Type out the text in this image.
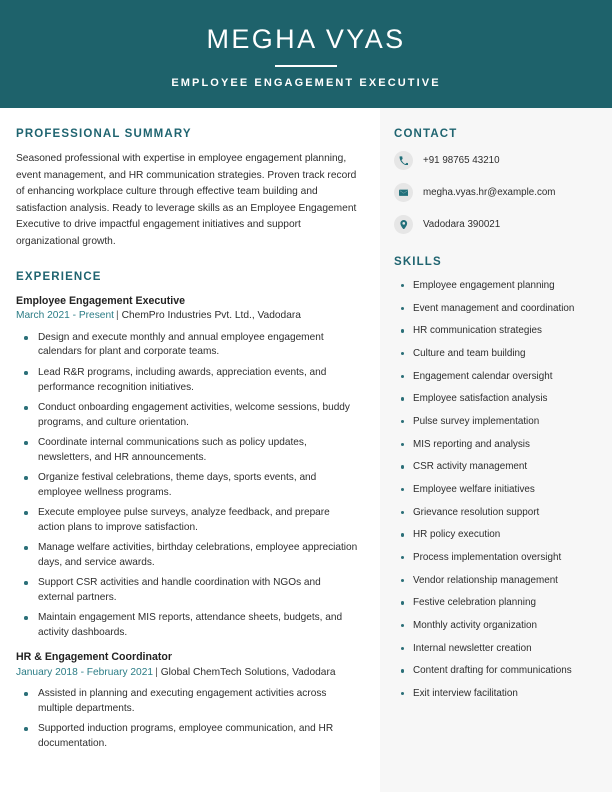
MEGHA VYAS
EMPLOYEE ENGAGEMENT EXECUTIVE
PROFESSIONAL SUMMARY
Seasoned professional with expertise in employee engagement planning, event management, and HR communication strategies. Proven track record of enhancing workplace culture through effective team building and satisfaction analysis. Ready to leverage skills as an Employee Engagement Executive to drive impactful engagement initiatives and support organizational growth.
EXPERIENCE
Employee Engagement Executive
March 2021 - Present | ChemPro Industries Pvt. Ltd., Vadodara
Design and execute monthly and annual employee engagement calendars for plant and corporate teams.
Lead R&R programs, including awards, appreciation events, and performance recognition initiatives.
Conduct onboarding engagement activities, welcome sessions, buddy programs, and culture orientation.
Coordinate internal communications such as policy updates, newsletters, and HR announcements.
Organize festival celebrations, theme days, sports events, and employee wellness programs.
Execute employee pulse surveys, analyze feedback, and prepare action plans to improve satisfaction.
Manage welfare activities, birthday celebrations, employee appreciation days, and service awards.
Support CSR activities and handle coordination with NGOs and external partners.
Maintain engagement MIS reports, attendance sheets, budgets, and activity dashboards.
HR & Engagement Coordinator
January 2018 - February 2021 | Global ChemTech Solutions, Vadodara
Assisted in planning and executing engagement activities across multiple departments.
Supported induction programs, employee communication, and HR documentation.
CONTACT
+91 98765 43210
megha.vyas.hr@example.com
Vadodara 390021
SKILLS
Employee engagement planning
Event management and coordination
HR communication strategies
Culture and team building
Engagement calendar oversight
Employee satisfaction analysis
Pulse survey implementation
MIS reporting and analysis
CSR activity management
Employee welfare initiatives
Grievance resolution support
HR policy execution
Process implementation oversight
Vendor relationship management
Festive celebration planning
Monthly activity organization
Internal newsletter creation
Content drafting for communications
Exit interview facilitation
